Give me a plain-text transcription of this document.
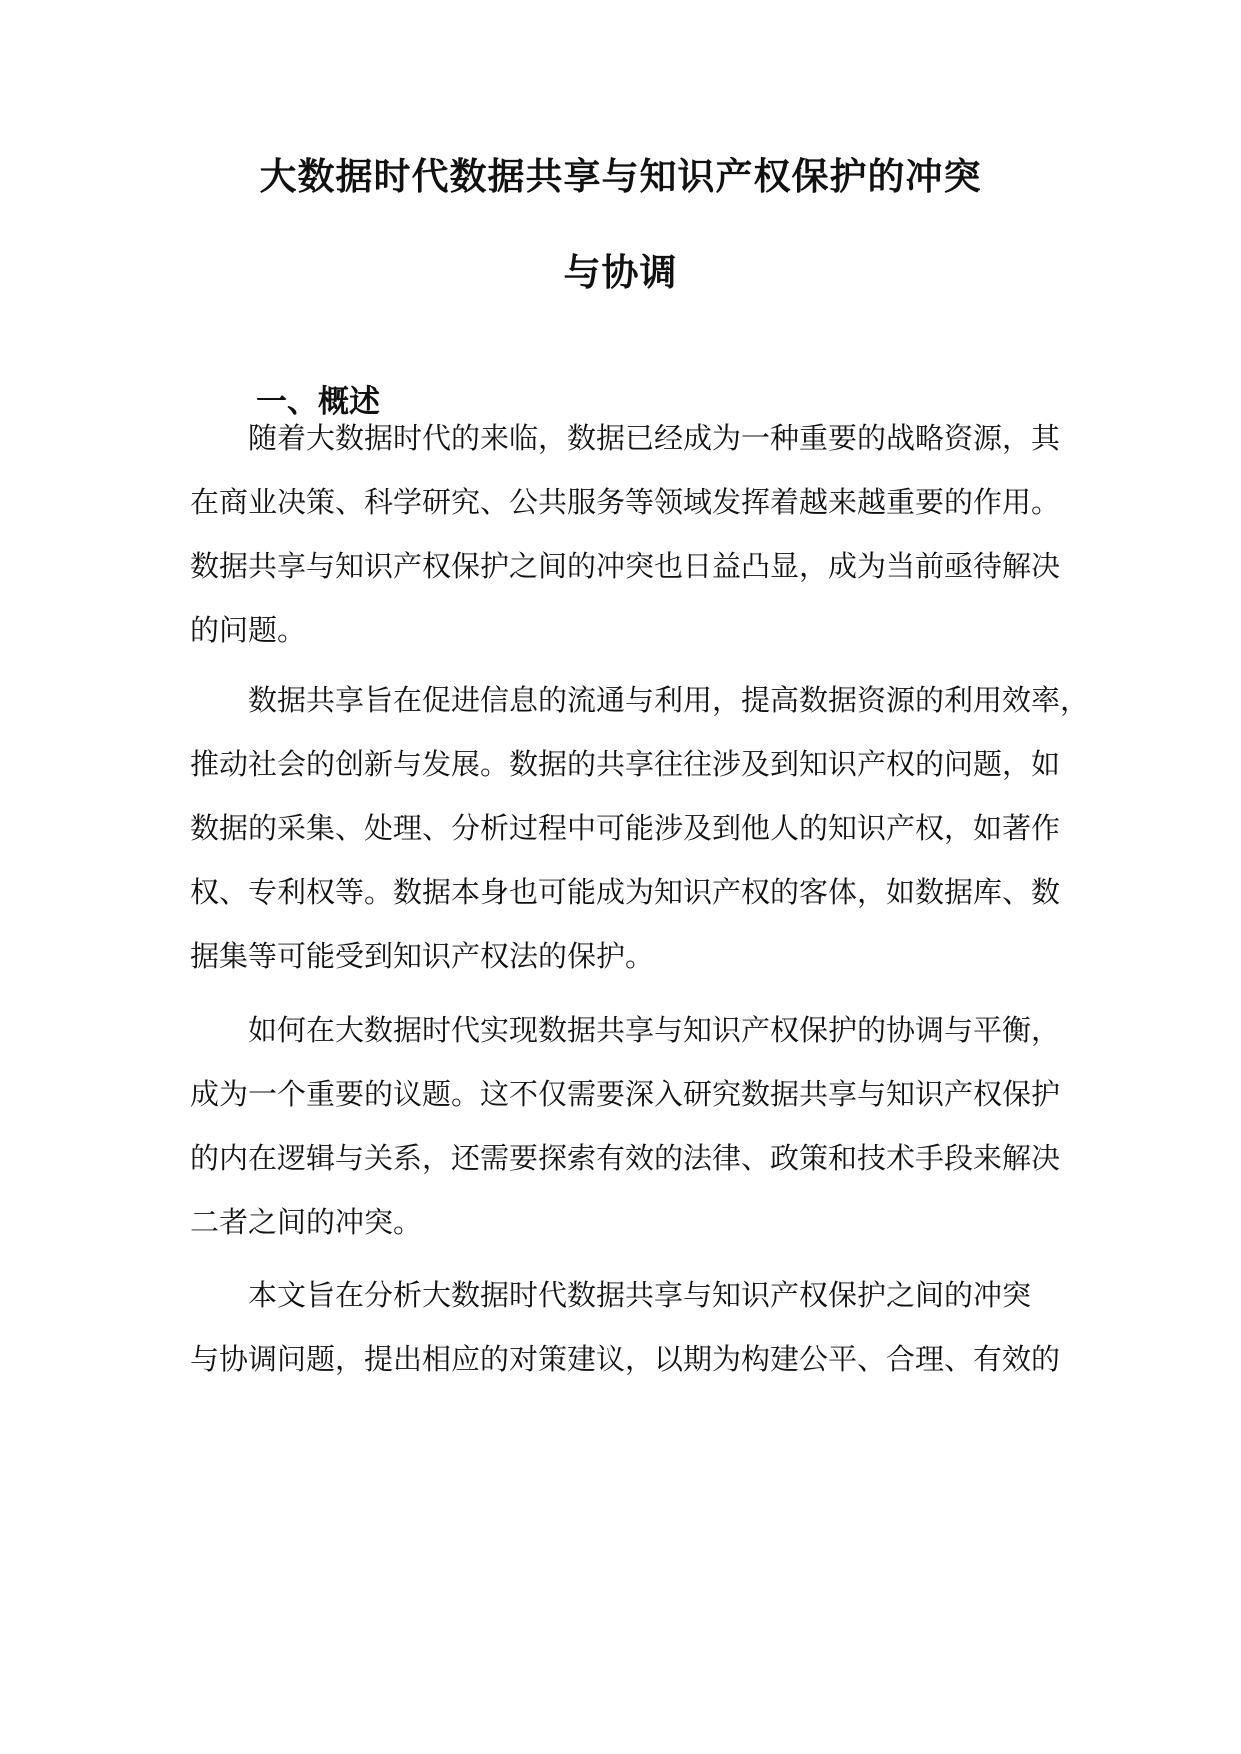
大数据时代数据共享与知识产权保护的冲突
与协调
一、概述
随着大数据时代的来临，数据已经成为一种重要的战略资源，其
在商业决策、科学研究、公共服务等领域发挥着越来越重要的作用。
数据共享与知识产权保护之间的冲突也日益凸显，成为当前亟待解决
的问题。
数据共享旨在促进信息的流通与利用，提高数据资源的利用效率，
推动社会的创新与发展。数据的共享往往涉及到知识产权的问题，如
数据的采集、处理、分析过程中可能涉及到他人的知识产权，如著作
权、专利权等。数据本身也可能成为知识产权的客体，如数据库、数
据集等可能受到知识产权法的保护。
如何在大数据时代实现数据共享与知识产权保护的协调与平衡，
成为一个重要的议题。这不仅需要深入研究数据共享与知识产权保护
的内在逻辑与关系，还需要探索有效的法律、政策和技术手段来解决
二者之间的冲突。
本文旨在分析大数据时代数据共享与知识产权保护之间的冲突
与协调问题，提出相应的对策建议，以期为构建公平、合理、有效的
